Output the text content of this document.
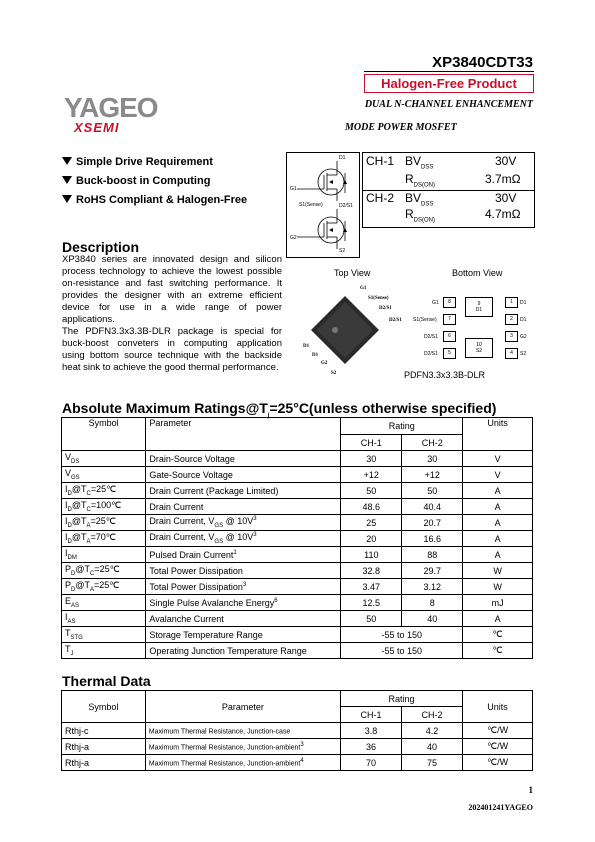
XP3840CDT33
Halogen-Free Product
YAGEO
XSEMI
DUAL N-CHANNEL ENHANCEMENT
MODE POWER MOSFET
Simple Drive Requirement
Buck-boost in Computing
RoHS Compliant & Halogen-Free
D1
G1
S1(Sense)	D2/S1
G2
S2
CH-1 $BV_{DSS}$	30V
$R_{DS(ON)}$	3.7mΩ
CH-2 $BV_{DSS}$	30V
$R_{DS(ON)}$	4.7mΩ
Description
XP3840 series are innovated design and silicon process technology to achieve the lowest possible on-resistance and fast switching performance. It provides the designer with an extreme efficient device for use in a wide range of power applications.
The PDFN3.3x3.3B-DLR package is special for buck-boost conveters in computing application using bottom source technique with the backside heat sink to achieve the good thermal performance.
Top View	Bottom View
G1
S1(Sense)
D2/S1
D2/S1
D1
D1
G2
S2
8
7
6
5
1
2
3
4
9
D1
10
S2
G1
S1(Sense)
D2/S1
D2/S1
D1
D1
G2
S2
PDFN3.3x3.3B-DLR
Absolute Maximum $Ratings@T_j=25^\circ C(unless$ otherwise specified)
Symbol	Parameter	Rating		Units
		CH-1	CH-2	
$V_{DS}$	Drain-Source Voltage	30	30	V
$V_{GS}$	Gate-Source Voltage	+12	+12	V
$I_D@T_C=25℃$	Drain Current (Package Limited)	50	50	A
$I_D@T_C=100℃$	Drain Current	48.6	40.4	A
$I_D@T_A=25℃$	Drain Current, $V_{GS}$ @ $10V^3$	25	20.7	A
$I_D@T_A=70℃$	Drain Current, $V_{GS}$ @ $10V^3$	20	16.6	A
$I_{DM}$	Pulsed Drain Current$^1$	110	88	A
$P_D@T_C=25℃$	Total Power Dissipation	32.8	29.7	W
$P_D@T_A=25℃$	Total Power Dissipation$^3$	3.47	3.12	W
$E_{AS}$	Single Pulse Avalanche Energy$^6$	12.5	8	mJ
$I_{AS}$	Avalanche Current	50	40	A
$T_{STG}$	Storage Temperature Range	-55 to 150		℃
$T_J$	Operating Junction Temperature Range	-55 to 150		℃
Thermal Data
Symbol	Parameter	Rating		Units
		CH-1	CH-2	
Rthj-c	Maximum Thermal Resistance, Junction-case	3.8	4.2	℃/W
Rthj-a	Maximum Thermal Resistance, Junction-ambient$^3$	36	40	℃/W
Rthj-a	Maximum Thermal Resistance, Junction-ambient$^4$	70	75	℃/W
1
202401241YAGEO
